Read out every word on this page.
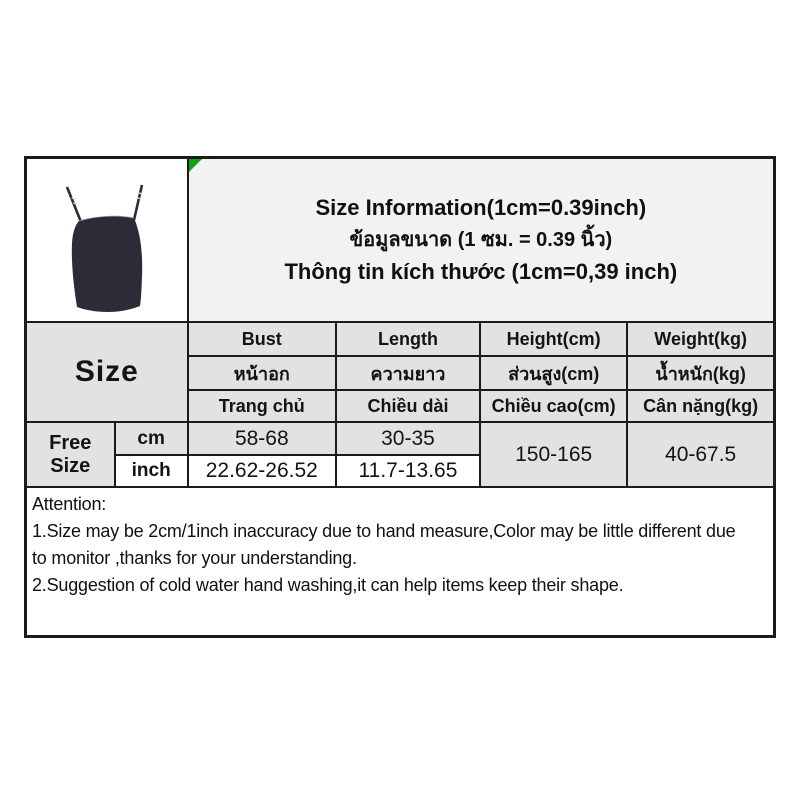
Size Information(1cm=0.39inch)
ข้อมูลขนาด (1 ซม. = 0.39 นิ้ว)
Thông tin kích thước (1cm=0,39 inch)			

Size		Bust	Length	Height(cm)	Weight(kg)
		หน้าอก	ความยาว	ส่วนสูง(cm)	น้ำหนัก(kg)
		Trang chủ	Chiều dài	Chiều cao(cm)	Cân nặng(kg)
Free Size	cm	58-68	30-35	150-165	40-67.5
	inch	22.62-26.52	11.7-13.65		

Attention:
1.Size may be 2cm/1inch inaccuracy due to hand measure,Color may be little different due
to monitor ,thanks for your understanding.
2.Suggestion of cold water hand washing,it can help items keep their shape.					
